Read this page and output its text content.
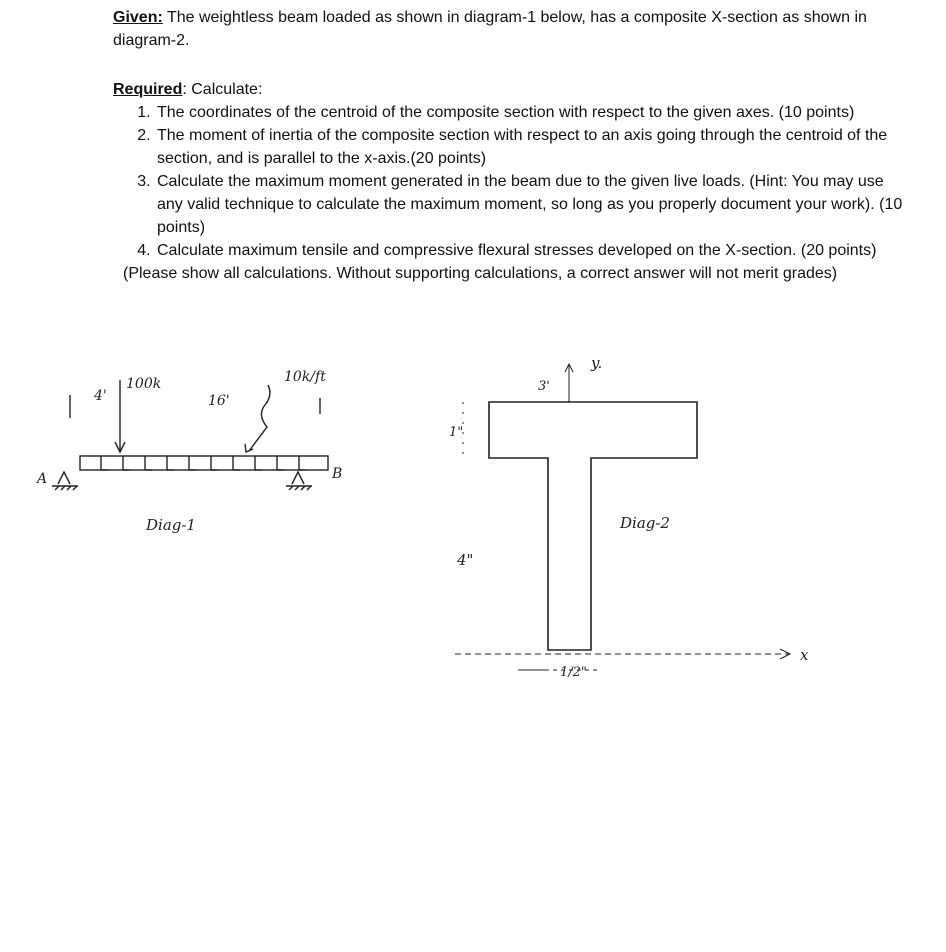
Given: The weightless beam loaded as shown in diagram-1 below, has a composite X-section as shown in diagram-2.

Required: Calculate:

1. The coordinates of the centroid of the composite section with respect to the given axes. (10 points)
2. The moment of inertia of the composite section with respect to an axis going through the centroid of the section, and is parallel to the x-axis.(20 points)
3. Calculate the maximum moment generated in the beam due to the given live loads. (Hint: You may use any valid technique to calculate the maximum moment, so long as you properly document your work). (10 points)
4. Calculate maximum tensile and compressive flexural stresses developed on the X-section. (20 points)

(Please show all calculations. Without supporting calculations, a correct answer will not merit grades)

4'
100k
16'
10k/ft
A	B
Diag-1
y.
3'
1"
4"
1/2"
Diag-2
x
